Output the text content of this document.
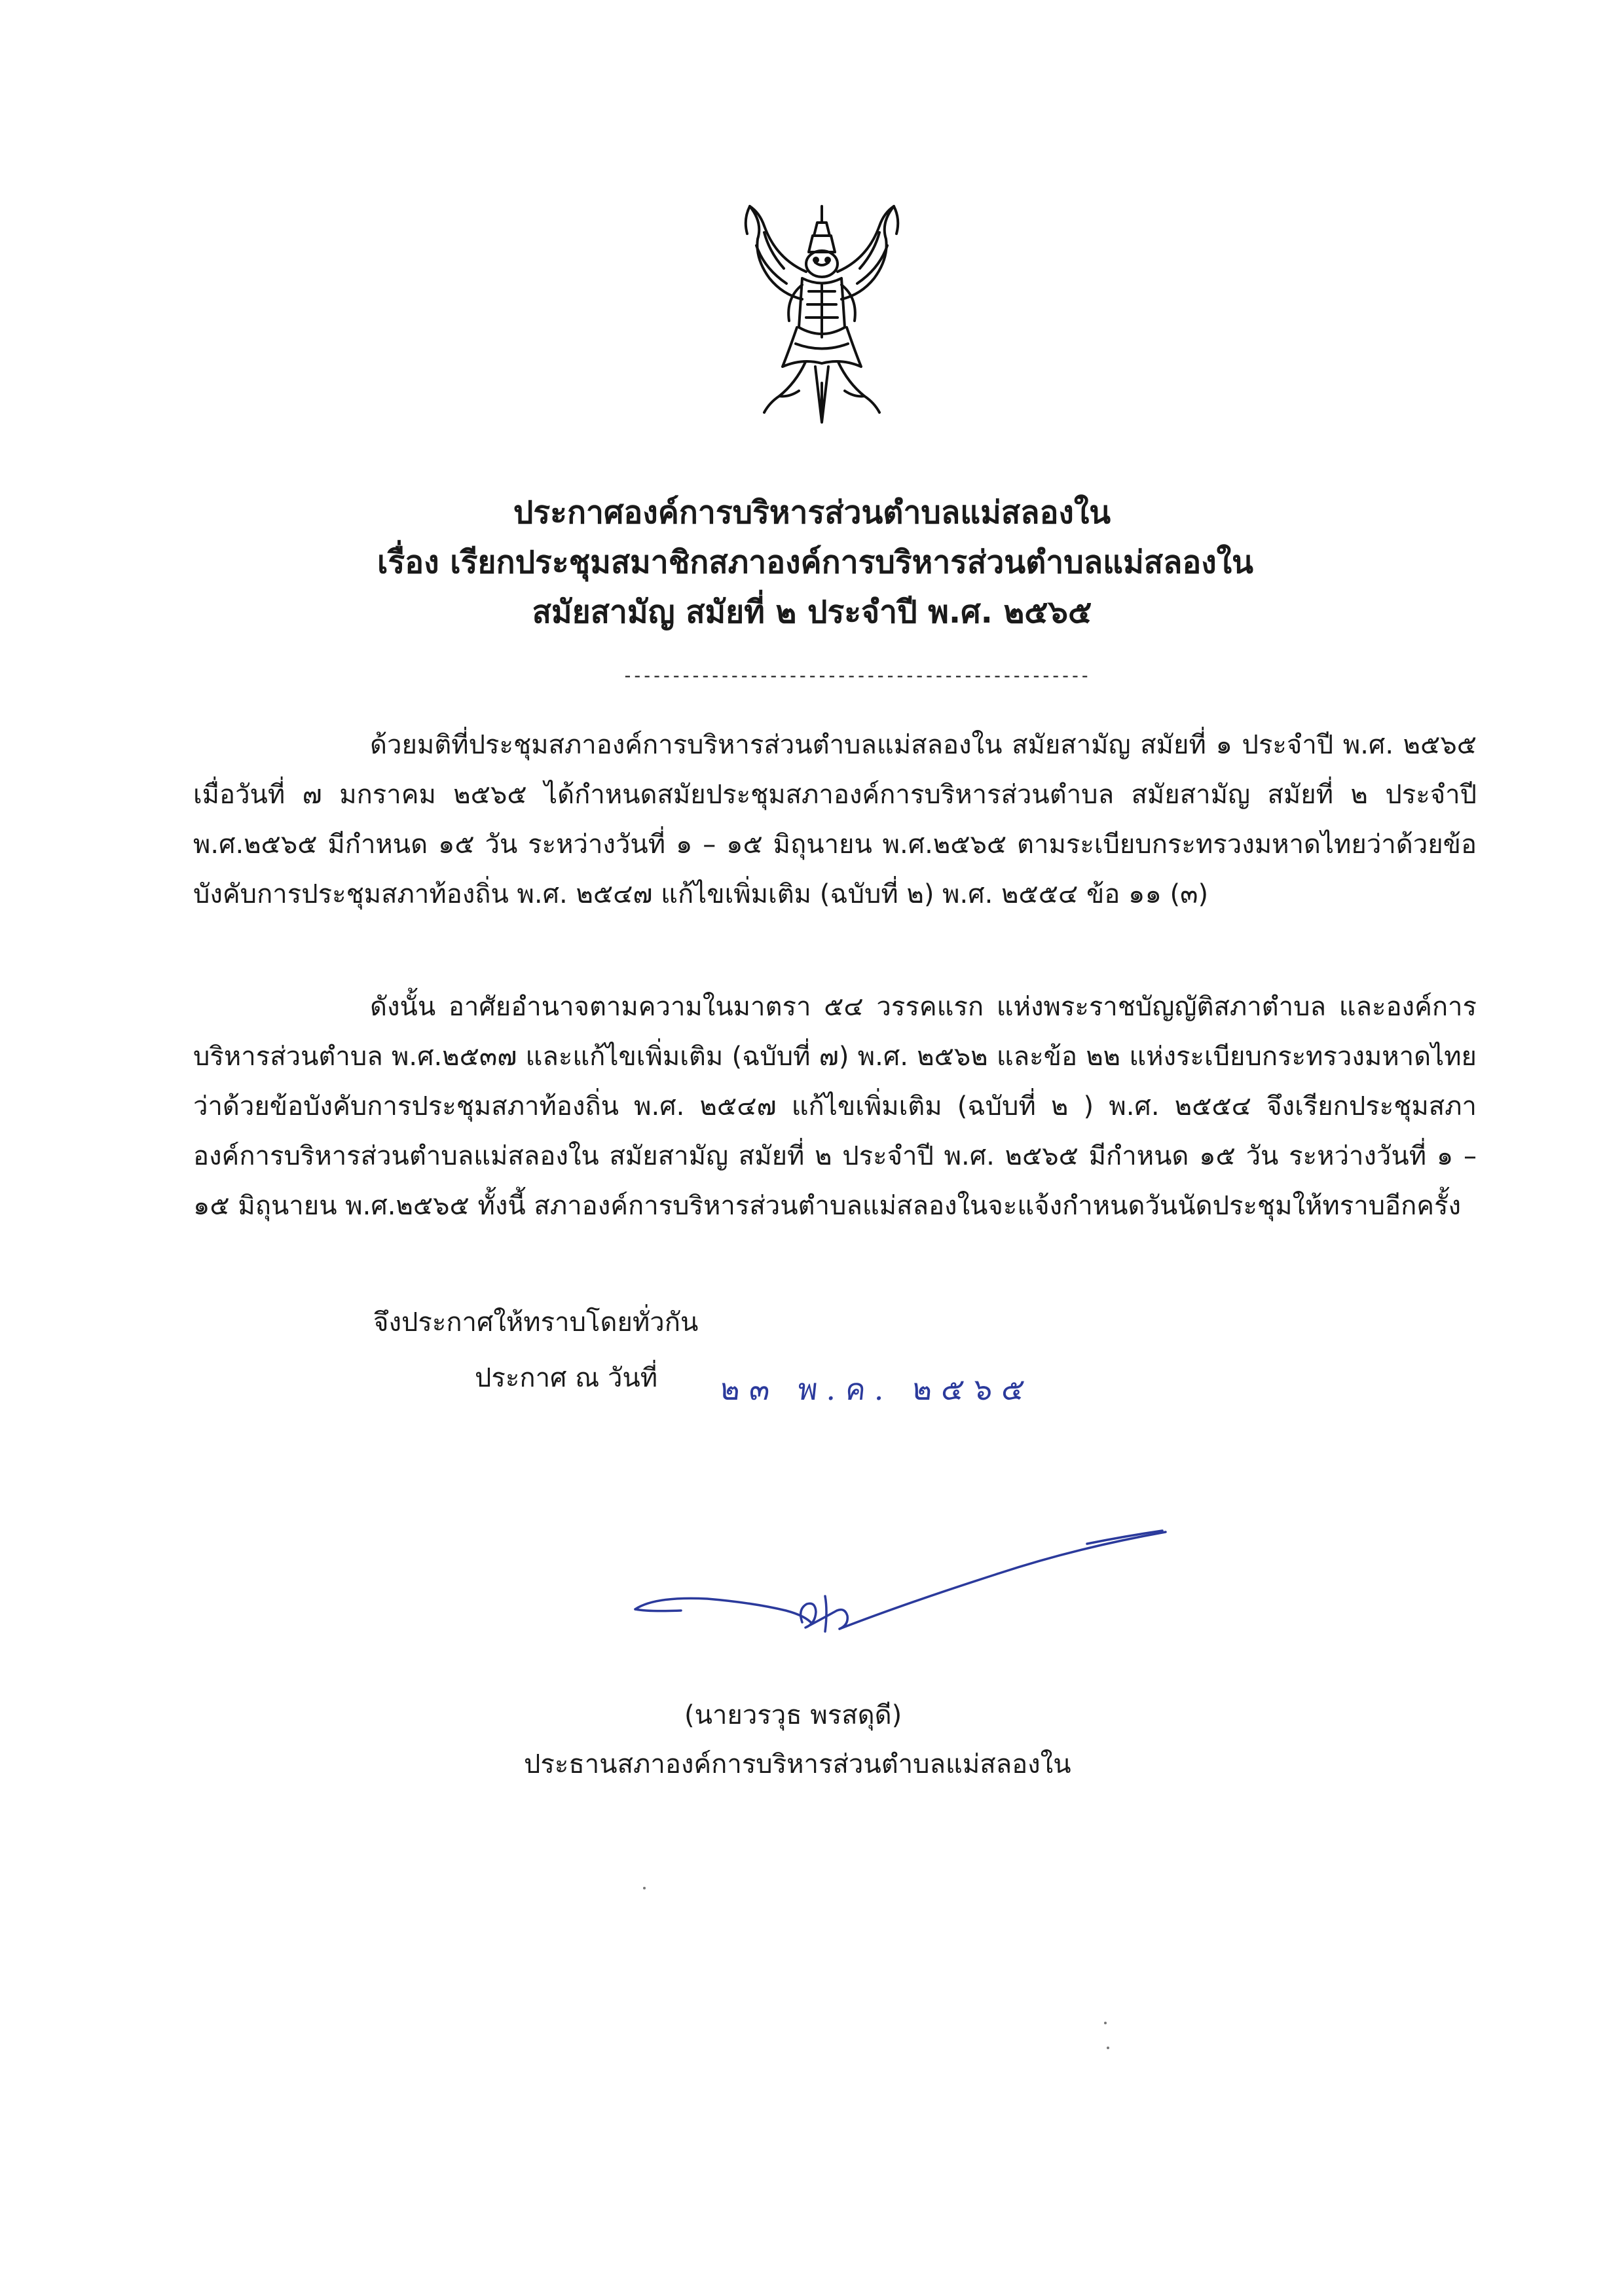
ประกาศองค์การบริหารส่วนตำบลแม่สลองใน
เรื่อง เรียกประชุมสมาชิกสภาองค์การบริหารส่วนตำบลแม่สลองใน
สมัยสามัญ สมัยที่ ๒ ประจำปี พ.ศ. ๒๕๖๕
------------------------------------------------
ด้วยมติที่ประชุมสภาองค์การบริหารส่วนตำบลแม่สลองใน สมัยสามัญ สมัยที่ ๑ ประจำปี พ.ศ. ๒๕๖๕ เมื่อวันที่ ๗ มกราคม ๒๕๖๕ ได้กำหนดสมัยประชุมสภาองค์การบริหารส่วนตำบล สมัยสามัญ สมัยที่ ๒ ประจำปี พ.ศ.๒๕๖๕ มีกำหนด ๑๕ วัน ระหว่างวันที่ ๑ – ๑๕ มิถุนายน พ.ศ.๒๕๖๕ ตามระเบียบกระทรวงมหาดไทยว่าด้วยข้อบังคับการประชุมสภาท้องถิ่น พ.ศ. ๒๕๔๗ แก้ไขเพิ่มเติม (ฉบับที่ ๒) พ.ศ. ๒๕๕๔ ข้อ ๑๑ (๓)
ดังนั้น อาศัยอำนาจตามความในมาตรา ๕๔ วรรคแรก แห่งพระราชบัญญัติสภาตำบล และองค์การบริหารส่วนตำบล พ.ศ.๒๕๓๗ และแก้ไขเพิ่มเติม (ฉบับที่ ๗) พ.ศ. ๒๕๖๒ และข้อ ๒๒ แห่งระเบียบกระทรวงมหาดไทยว่าด้วยข้อบังคับการประชุมสภาท้องถิ่น พ.ศ. ๒๕๔๗ แก้ไขเพิ่มเติม (ฉบับที่ ๒ ) พ.ศ. ๒๕๕๔ จึงเรียกประชุมสภาองค์การบริหารส่วนตำบลแม่สลองใน สมัยสามัญ สมัยที่ ๒ ประจำปี พ.ศ. ๒๕๖๕ มีกำหนด ๑๕ วัน ระหว่างวันที่ ๑ – ๑๕ มิถุนายน พ.ศ.๒๕๖๕ ทั้งนี้ สภาองค์การบริหารส่วนตำบลแม่สลองในจะแจ้งกำหนดวันนัดประชุมให้ทราบอีกครั้ง
จึงประกาศให้ทราบโดยทั่วกัน
ประกาศ ณ วันที่ ๒๓ พ.ค. ๒๕๖๕
(นายวรวุธ พรสดุดี)
ประธานสภาองค์การบริหารส่วนตำบลแม่สลองใน
